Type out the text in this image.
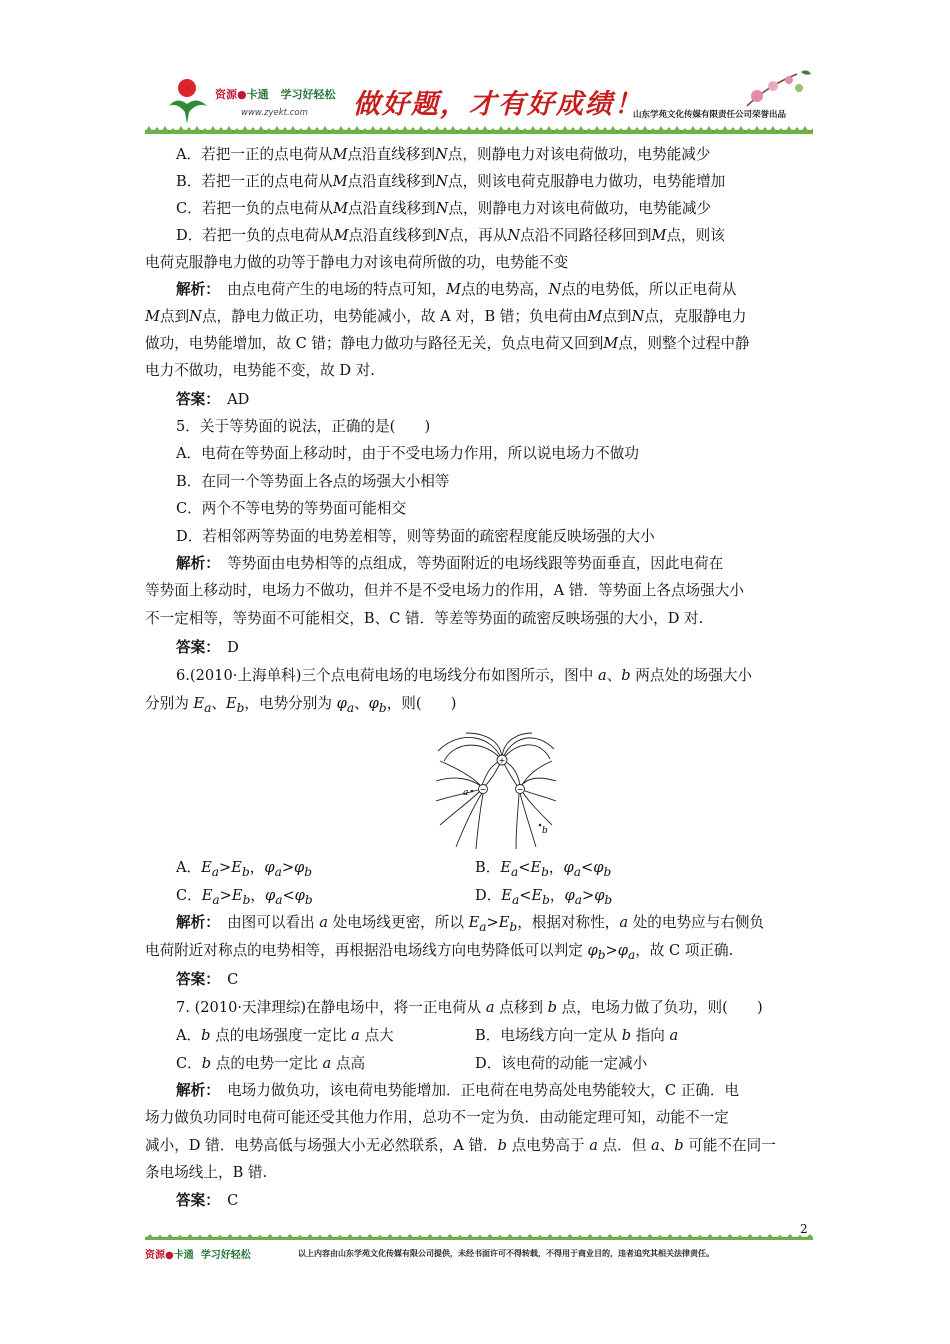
资源●卡通 学习好轻松
www.zyekt.com 做好题，才有好成绩！
山东学苑文化传媒有限责任公司荣誉出品
A．若把一正的点电荷从M点沿直线移到N点，则静电力对该电荷做功，电势能减少
B．若把一正的点电荷从M点沿直线移到N点，则该电荷克服静电力做功，电势能增加
C．若把一负的点电荷从M点沿直线移到N点，则静电力对该电荷做功，电势能减少
D．若把一负的点电荷从M点沿直线移到N点，再从N点沿不同路径移回到M点，则该
电荷克服静电力做的功等于静电力对该电荷所做的功，电势能不变
解析：　由点电荷产生的电场的特点可知，M点的电势高，N点的电势低，所以正电荷从
M点到N点，静电力做正功，电势能减小，故 A 对，B 错；负电荷由M点到N点，克服静电力
做功，电势能增加，故 C 错；静电力做功与路径无关，负点电荷又回到M点，则整个过程中静
电力不做功，电势能不变，故 D 对.
答案：　AD
5．关于等势面的说法，正确的是(　　)
A．电荷在等势面上移动时，由于不受电场力作用，所以说电场力不做功
B．在同一个等势面上各点的场强大小相等
C．两个不等电势的等势面可能相交
D．若相邻两等势面的电势差相等，则等势面的疏密程度能反映场强的大小
解析：　等势面由电势相等的点组成，等势面附近的电场线跟等势面垂直，因此电荷在
等势面上移动时，电场力不做功，但并不是不受电场力的作用，A 错．等势面上各点场强大小
不一定相等，等势面不可能相交，B、C 错．等差等势面的疏密反映场强的大小，D 对.
答案：　D
6.(2010·上海单科)三个点电荷电场的电场线分布如图所示，图中 a、b 两点处的场强大小
分别为 $E_a$、$E_b$，电势分别为 $\varphi_a$、$\varphi_b$，则(　　)
A．$E_a>E_b$，$\varphi_a>\varphi_b$	B．$E_a<E_b$，$\varphi_a<\varphi_b$
C．$E_a>E_b$，$\varphi_a<\varphi_b$	D．$E_a<E_b$，$\varphi_a>\varphi_b$
解析：　由图可以看出 a 处电场线更密，所以 $E_a>E_b$，根据对称性，a 处的电势应与右侧负
电荷附近对称点的电势相等，再根据沿电场线方向电势降低可以判定 $\varphi_b>\varphi_a$，故 C 项正确.
答案：　C
7. (2010·天津理综)在静电场中，将一正电荷从 a 点移到 b 点，电场力做了负功，则(　　)
A．b 点的电场强度一定比 a 点大	B．电场线方向一定从 b 指向 a
C．b 点的电势一定比 a 点高	D．该电荷的动能一定减小
解析：　电场力做负功，该电荷电势能增加．正电荷在电势高处电势能较大，C 正确．电
场力做负功同时电荷可能还受其他力作用，总功不一定为负．由动能定理可知，动能不一定
减小，D 错．电势高低与场强大小无必然联系，A 错．b 点电势高于 a 点．但 a、b 可能不在同一
条电场线上，B 错.
答案：　C
+
−	−
a
b
2
资源●卡通 学习好轻松	以上内容由山东学苑文化传媒有限公司提供，未经书面许可不得转载，不得用于商业目的，违者追究其相关法律责任。
